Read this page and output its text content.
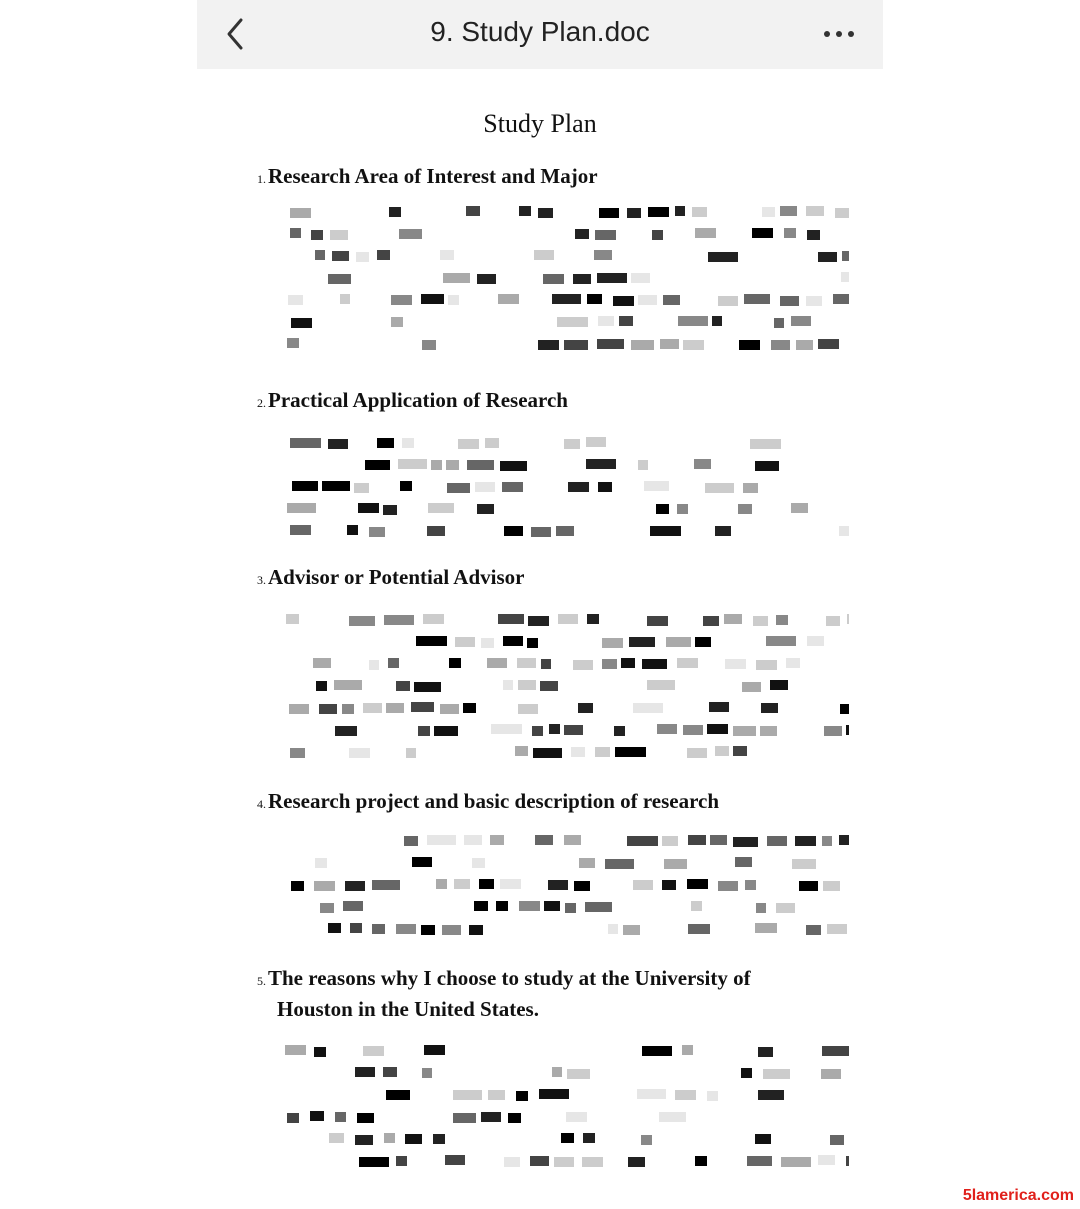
9. Study Plan.doc
Study Plan
1.Research Area of Interest and Major
2.Practical Application of Research
3.Advisor or Potential Advisor
4.Research project and basic description of research
5.The reasons why I choose to study at the University of
Houston in the United States.
5lamerica.com
